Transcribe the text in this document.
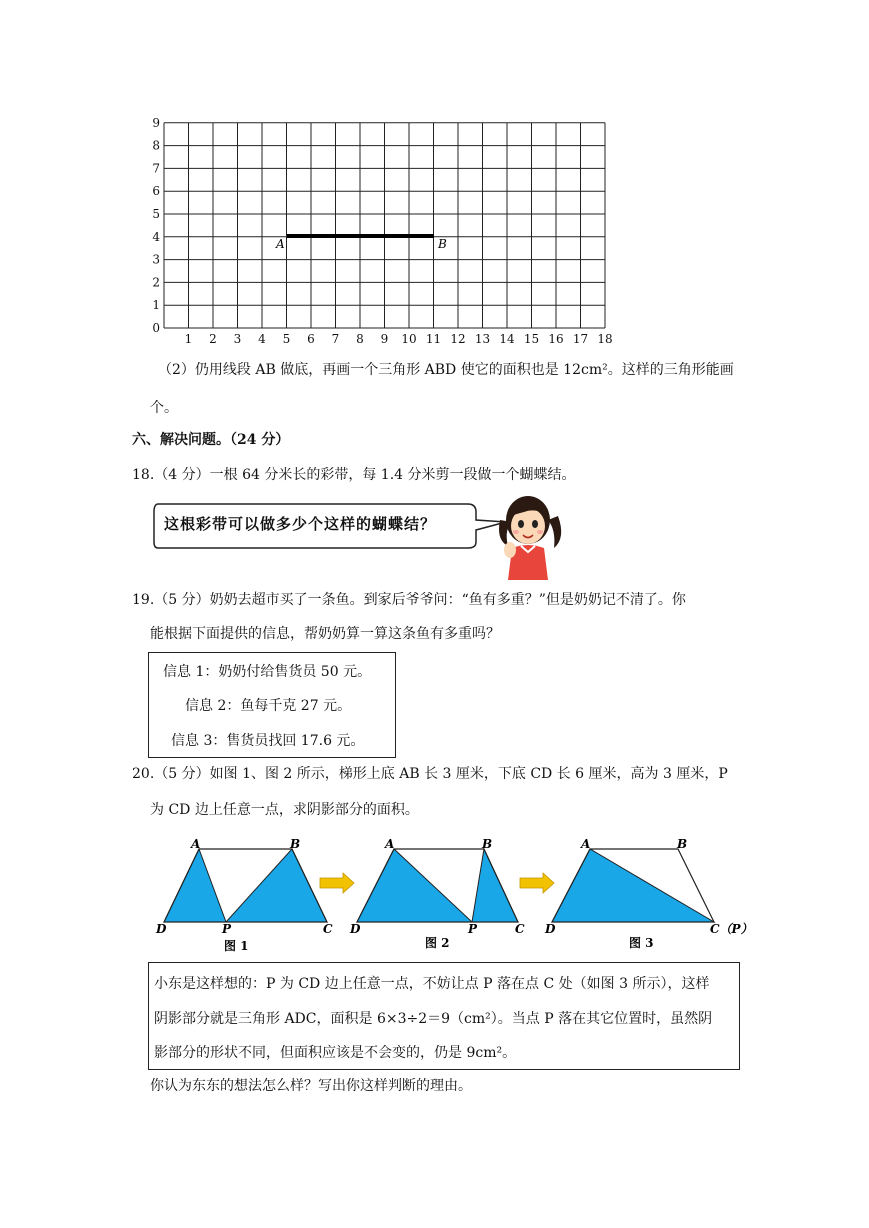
1 2 3 4 5 6 7 8 9 10 11 12 13 14 15 16 17 18
0
1
2
3
4
5
6
7
8
9
A	B
（2）仍用线段 AB 做底，再画一个三角形 ABD 使它的面积也是 12cm²。这样的三角形能画
个。
六、解决问题。（24 分）
18.（4 分）一根 64 分米长的彩带，每 1.4 分米剪一段做一个蝴蝶结。
这根彩带可以做多少个这样的蝴蝶结？
19.（5 分）奶奶去超市买了一条鱼。到家后爷爷问：“鱼有多重？”但是奶奶记不清了。你
能根据下面提供的信息，帮奶奶算一算这条鱼有多重吗？
信息 1：奶奶付给售货员 50 元。
信息 2：鱼每千克 27 元。
信息 3：售货员找回 17.6 元。
20.（5 分）如图 1、图 2 所示，梯形上底 AB 长 3 厘米，下底 CD 长 6 厘米，高为 3 厘米，P
为 CD 边上任意一点，求阴影部分的面积。
A	B
D	P	C
图 1
A	B
D	P	C
图 2
A	B
D	C（P）
图 3
小东是这样想的：P 为 CD 边上任意一点，不妨让点 P 落在点 C 处（如图 3 所示），这样
阴影部分就是三角形 ADC，面积是 6×3÷2＝9（cm²）。当点 P 落在其它位置时，虽然阴
影部分的形状不同，但面积应该是不会变的，仍是 9cm²。
你认为东东的想法怎么样？写出你这样判断的理由。
